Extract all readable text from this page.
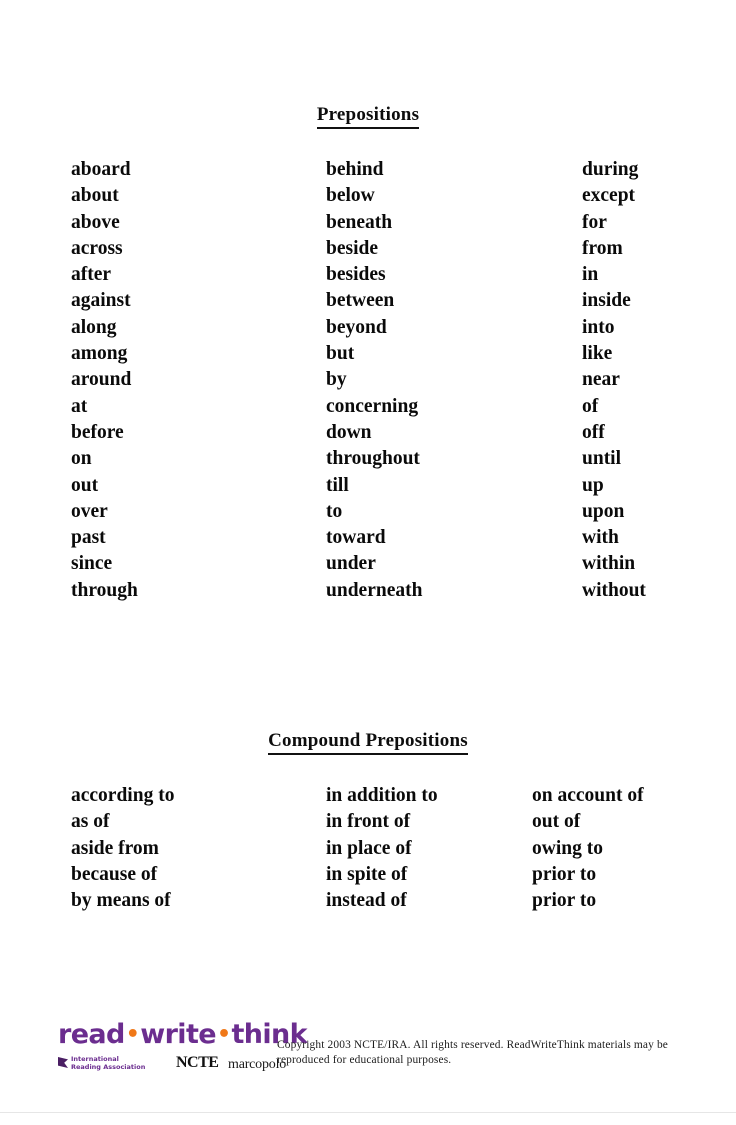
Prepositions
aboard
about
above
across
after
against
along
among
around
at
before
on
out
over
past
since
through
behind
below
beneath
beside
besides
between
beyond
but
by
concerning
down
throughout
till
to
toward
under
underneath
during
except
for
from
in
inside
into
like
near
of
off
until
up
upon
with
within
without
Compound Prepositions
according to
as of
aside from
because of
by means of
in addition to
in front of
in place of
in spite of
instead of
on account of
out of
owing to
prior to
prior to
read•write•think
International
Reading Association	NCTE marcopolo
Copyright 2003 NCTE/IRA. All rights reserved. ReadWriteThink materials may be reproduced for educational purposes.
